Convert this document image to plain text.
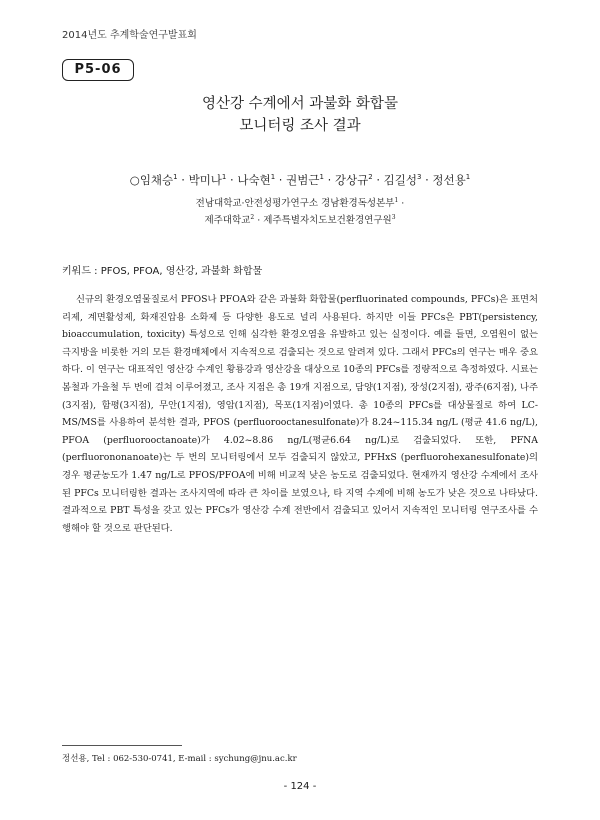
2014년도 추계학술연구발표회
P5-06
영산강 수계에서 과불화 화합물
모니터링 조사 결과
○임채승$^1$ · 박미나$^1$ · 나숙현$^1$ · 권범근$^1$ · 강상규$^2$ · 김길성$^3$ · 정선용$^1$
전남대학교·안전성평가연구소 경남환경독성본부$^1$ ·
제주대학교$^2$ · 제주특별자치도보건환경연구원$^3$
키워드 : PFOS, PFOA, 영산강, 과불화 화합물

신규의 환경오염물질로서 PFOS나 PFOA와 같은 과불화 화합물(perfluorinated compounds, PFCs)은 표면처리제, 계면활성제, 화재진압용 소화제 등 다양한 용도로 널리 사용된다. 하지만 이들 PFCs은 PBT(persistency, bioaccumulation, toxicity) 특성으로 인해 심각한 환경오염을 유발하고 있는 실정이다. 예를 들면, 오염원이 없는 극지방을 비롯한 거의 모든 환경매체에서 지속적으로 검출되는 것으로 알려져 있다. 그래서 PFCs의 연구는 매우 중요하다. 이 연구는 대표적인 영산강 수계인 황룡강과 영산강을 대상으로 10종의 PFCs를 정량적으로 측정하였다. 시료는 봄철과 가을철 두 번에 걸쳐 이루어졌고, 조사 지점은 총 19개 지점으로, 담양(1지점), 장성(2지점), 광주(6지점), 나주(3지점), 함평(3지점), 무안(1지점), 영암(1지점), 목포(1지점)이였다. 총 10종의 PFCs를 대상물질로 하여 LC-MS/MS를 사용하여 분석한 결과, PFOS (perfluorooctanesulfonate)가 8.24~115.34 ng/L (평균 41.6 ng/L), PFOA (perfluorooctanoate)가 4.02~8.86 ng/L(평균6.64 ng/L)로 검출되었다. 또한, PFNA (perfluorononanoate)는 두 번의 모니터링에서 모두 검출되지 않았고, PFHxS (perfluorohexanesulfonate)의 경우 평균농도가 1.47 ng/L로 PFOS/PFOA에 비해 비교적 낮은 농도로 검출되었다. 현재까지 영산강 수계에서 조사된 PFCs 모니터링한 결과는 조사지역에 따라 큰 차이를 보였으나, 타 지역 수계에 비해 농도가 낮은 것으로 나타났다. 결과적으로 PBT 특성을 갖고 있는 PFCs가 영산강 수계 전반에서 검출되고 있어서 지속적인 모니터링 연구조사를 수행해야 할 것으로 판단된다.

정선용, Tel : 062-530-0741, E-mail : sychung@jnu.ac.kr
- 124 -
